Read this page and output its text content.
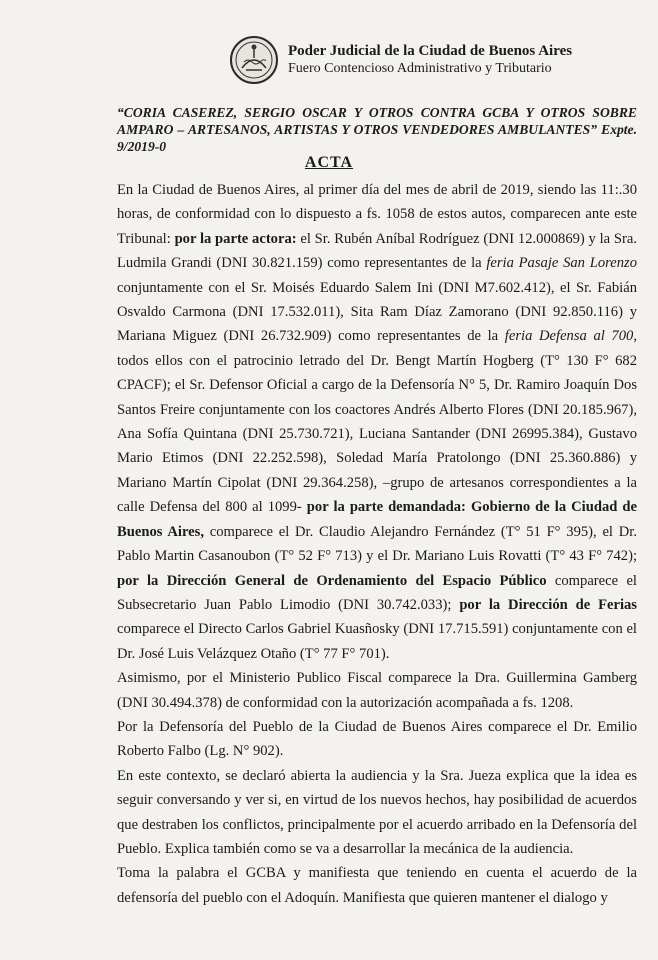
Poder Judicial de la Ciudad de Buenos Aires
Fuero Contencioso Administrativo y Tributario
“CORIA CASEREZ, SERGIO OSCAR Y OTROS CONTRA GCBA Y OTROS SOBRE AMPARO – ARTESANOS, ARTISTAS Y OTROS VENDEDORES AMBULANTES” Expte. 9/2019-0
ACTA

En la Ciudad de Buenos Aires, al primer día del mes de abril de 2019, siendo las 11:.30 horas, de conformidad con lo dispuesto a fs. 1058 de estos autos, comparecen ante este Tribunal: por la parte actora: el Sr. Rubén Aníbal Rodríguez (DNI 12.000869) y la Sra. Ludmila Grandi (DNI 30.821.159) como representantes de la feria Pasaje San Lorenzo conjuntamente con el Sr. Moisés Eduardo Salem Ini (DNI M7.602.412), el Sr. Fabián Osvaldo Carmona (DNI 17.532.011), Sita Ram Díaz Zamorano (DNI 92.850.116) y Mariana Miguez (DNI 26.732.909) como representantes de la feria Defensa al 700, todos ellos con el patrocinio letrado del Dr. Bengt Martín Hogberg (T° 130 F° 682 CPACF); el Sr. Defensor Oficial a cargo de la Defensoría N° 5, Dr. Ramiro Joaquín Dos Santos Freire conjuntamente con los coactores Andrés Alberto Flores (DNI 20.185.967), Ana Sofía Quintana (DNI 25.730.721), Luciana Santander (DNI 26995.384), Gustavo Mario Etimos (DNI 22.252.598), Soledad María Pratolongo (DNI 25.360.886) y Mariano Martín Cipolat (DNI 29.364.258), –grupo de artesanos correspondientes a la calle Defensa del 800 al 1099- por la parte demandada: Gobierno de la Ciudad de Buenos Aires, comparece el Dr. Claudio Alejandro Fernández (T° 51 F° 395), el Dr. Pablo Martin Casanoubon (T° 52 F° 713) y el Dr. Mariano Luis Rovatti (T° 43 F° 742); por la Dirección General de Ordenamiento del Espacio Público comparece el Subsecretario Juan Pablo Limodio (DNI 30.742.033); por la Dirección de Ferias comparece el Directo Carlos Gabriel Kuasñosky (DNI 17.715.591) conjuntamente con el Dr. José Luis Velázquez Otaño (T° 77 F° 701).

Asimismo, por el Ministerio Publico Fiscal comparece la Dra. Guillermina Gamberg (DNI 30.494.378) de conformidad con la autorización acompañada a fs. 1208.

Por la Defensoría del Pueblo de la Ciudad de Buenos Aires comparece el Dr. Emilio Roberto Falbo (Lg. N° 902).

En este contexto, se declaró abierta la audiencia y la Sra. Jueza explica que la idea es seguir conversando y ver si, en virtud de los nuevos hechos, hay posibilidad de acuerdos que destraben los conflictos, principalmente por el acuerdo arribado en la Defensoría del Pueblo. Explica también como se va a desarrollar la mecánica de la audiencia.

Toma la palabra el GCBA y manifiesta que teniendo en cuenta el acuerdo de la defensoría del pueblo con el Adoquín. Manifiesta que quieren mantener el dialogo y
